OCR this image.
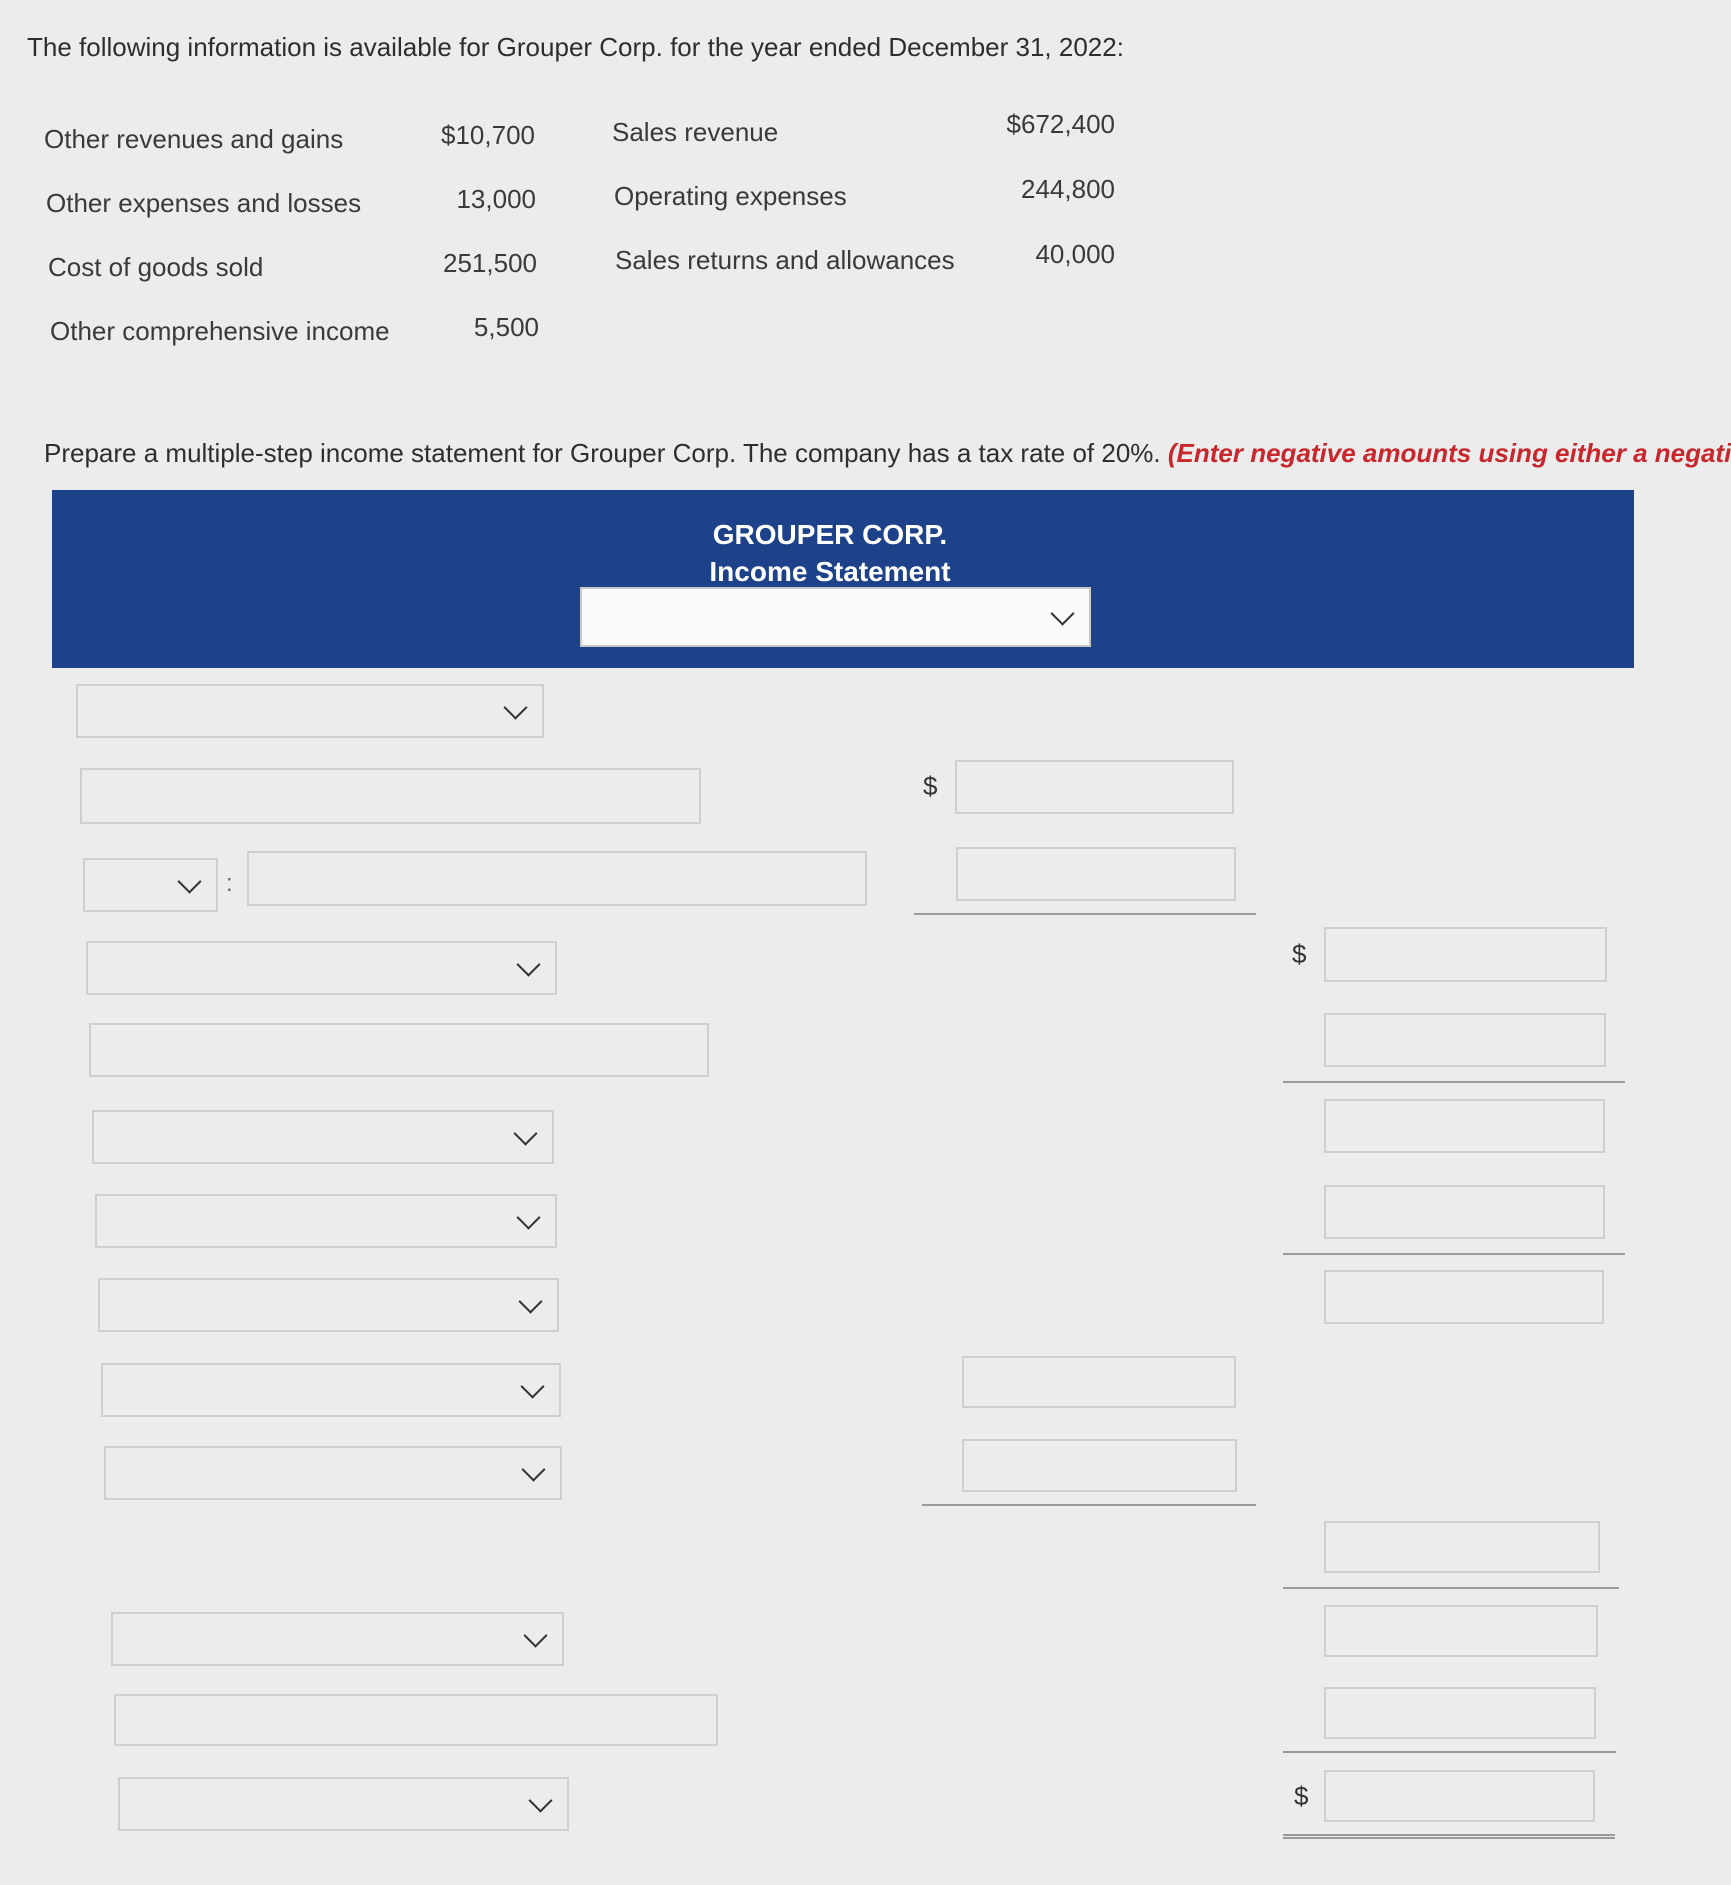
The following information is available for Grouper Corp. for the year ended December 31, 2022:
Other revenues and gains	$10,700
Other expenses and losses	13,000
Cost of goods sold	251,500
Other comprehensive income	5,500
Sales revenue	$672,400
Operating expenses	244,800
Sales returns and allowances	40,000
Prepare a multiple-step income statement for Grouper Corp. The company has a tax rate of 20%. (Enter negative amounts using either a negati
GROUPER CORP.
Income Statement
$
:
$
$
